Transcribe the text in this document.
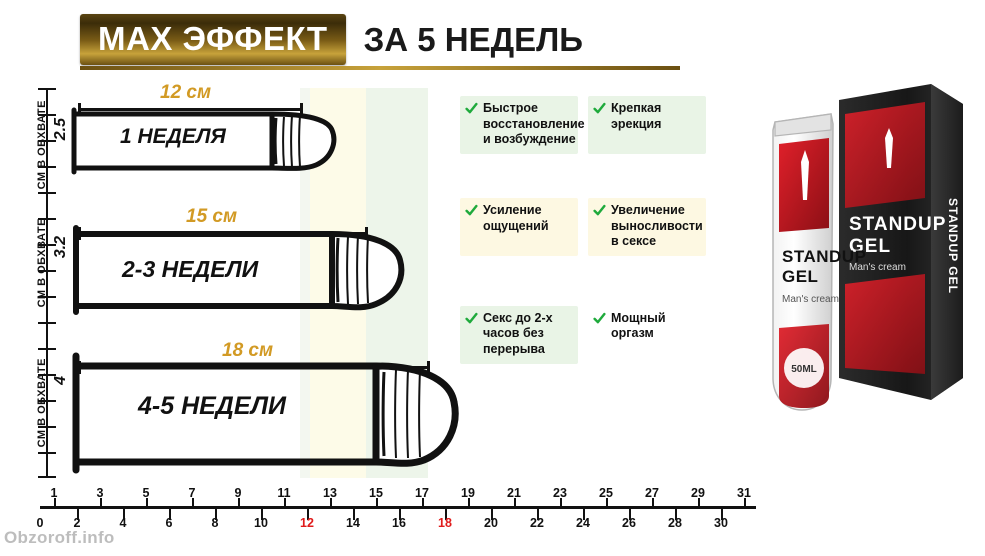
МАХ ЭФФЕКТ ЗА 5 НЕДЕЛЬ
СМ В ОБХВАТЕ 2.5
СМ В ОБХВАТЕ 3.2
СМ В ОБХВАТЕ 4
12 см
1 НЕДЕЛЯ
15 см
2-3 НЕДЕЛИ
18 см
4-5 НЕДЕЛИ
Быстрое восстановление и возбуждение
Крепкая эрекция
Усиление ощущений
Увеличение выносливости в сексе
Секс до 2-х часов без перерыва
Мощный оргазм
STANDUP
GEL
Man's cream	STANDUP GEL
STANDUP
GEL
Man's cream
50ML
1	3	5	7	9	11	13	15	17	19	21	23	25	27	29	31
0 2	4	6	8	10	12	14	16	18	20	22	24	26	28	30
Obzoroff.info
